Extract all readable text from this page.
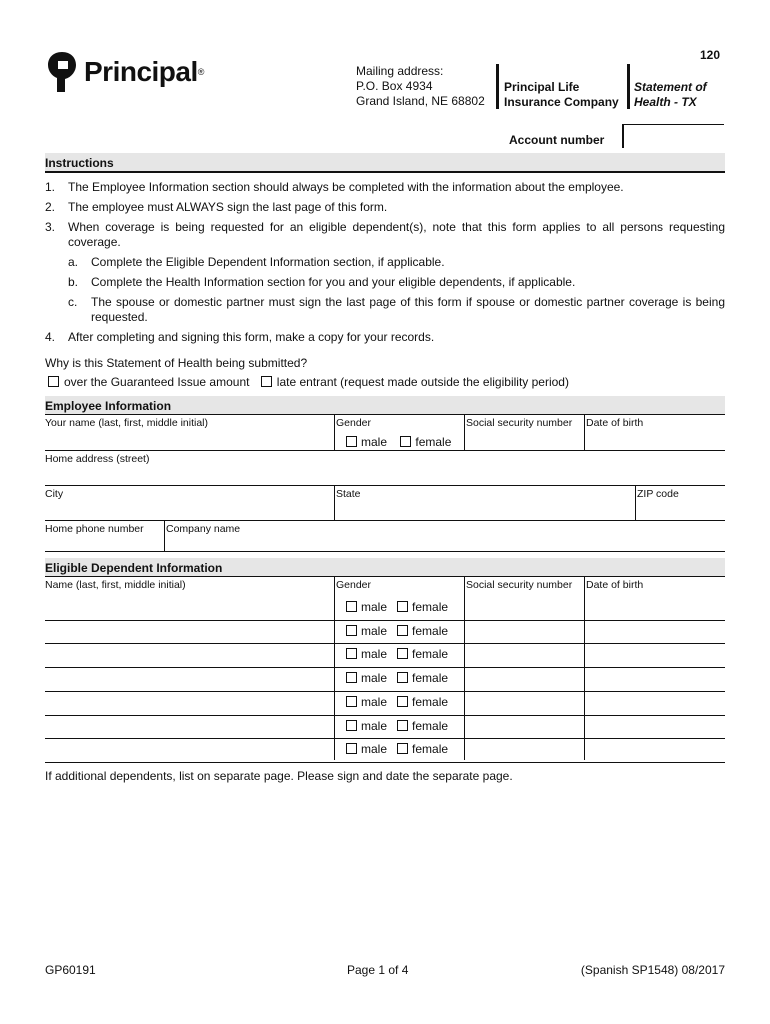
Principal ®
120
Mailing address:
P.O. Box 4934
Grand Island, NE 68802
Principal Life
Insurance Company
Statement of
Health - TX
Account number
Instructions
1.	The Employee Information section should always be completed with the information about the employee.
2.	The employee must ALWAYS sign the last page of this form.
3.	When coverage is being requested for an eligible dependent(s), note that this form applies to all persons requesting coverage.
a.	Complete the Eligible Dependent Information section, if applicable.
b.	Complete the Health Information section for you and your eligible dependents, if applicable.
c.	The spouse or domestic partner must sign the last page of this form if spouse or domestic partner coverage is being requested.
4.	After completing and signing this form, make a copy for your records.
Why is this Statement of Health being submitted?
over the Guaranteed Issue amount late entrant (request made outside the eligibility period)
Employee Information
Your name (last, first, middle initial)	Gender	Social security number	Date of birth
male female
Home address (street)
City	State	ZIP code
Home phone number	Company name
Eligible Dependent Information
Name (last, first, middle initial)	Gender	Social security number	Date of birth
male female
male female
male female
male female
male female
male female
male female
If additional dependents, list on separate page. Please sign and date the separate page.
GP60191	Page 1 of 4	(Spanish SP1548) 08/2017
